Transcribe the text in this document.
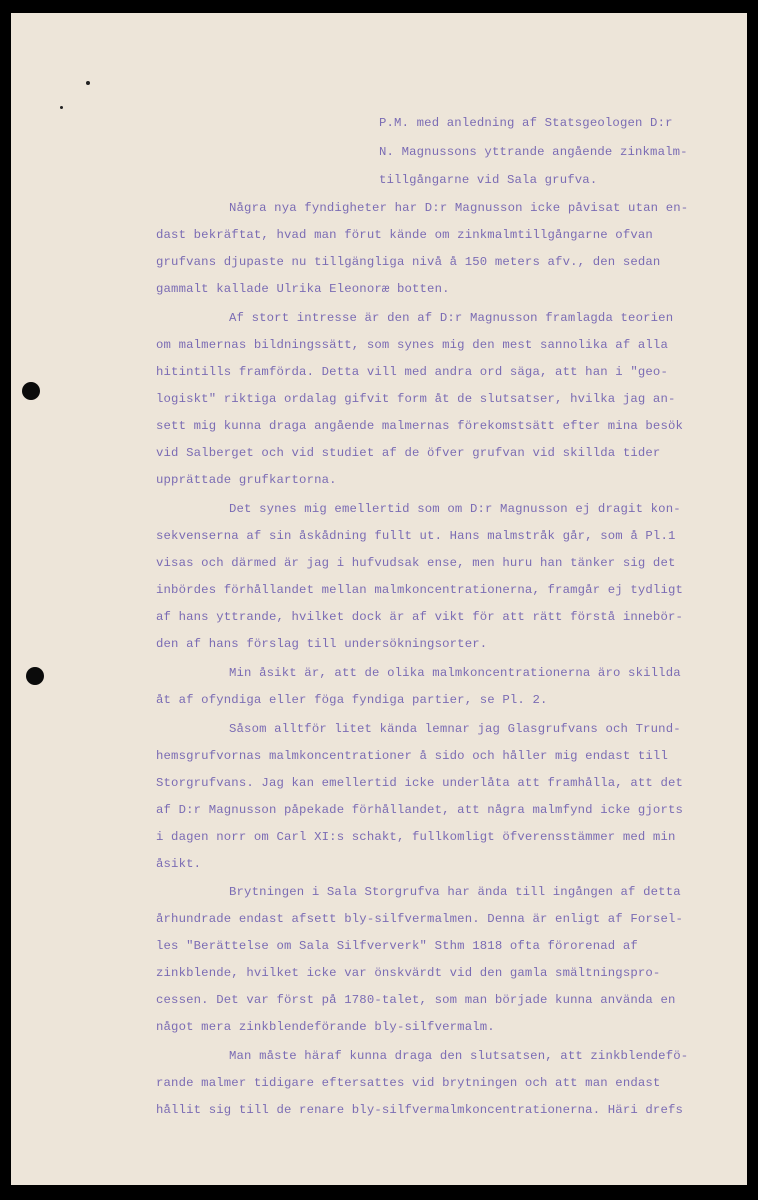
P.M. med anledning af Statsgeologen D:r
N. Magnussons yttrande angående zinkmalm-
tillgångarne vid Sala grufva.
Några nya fyndigheter har D:r Magnusson icke påvisat utan en-
dast bekräftat, hvad man förut kände om zinkmalmtillgångarne ofvan
grufvans djupaste nu tillgängliga nivå å 150 meters afv., den sedan
gammalt kallade Ulrika Eleonoræ botten.
Af stort intresse är den af D:r Magnusson framlagda teorien
om malmernas bildningssätt, som synes mig den mest sannolika af alla
hitintills framförda. Detta vill med andra ord säga, att han i "geo-
logiskt" riktiga ordalag gifvit form åt de slutsatser, hvilka jag an-
sett mig kunna draga angående malmernas förekomstsätt efter mina besök
vid Salberget och vid studiet af de öfver grufvan vid skillda tider
upprättade grufkartorna.
Det synes mig emellertid som om D:r Magnusson ej dragit kon-
sekvenserna af sin åskådning fullt ut. Hans malmstråk går, som å Pl.1
visas och därmed är jag i hufvudsak ense, men huru han tänker sig det
inbördes förhållandet mellan malmkoncentrationerna, framgår ej tydligt
af hans yttrande, hvilket dock är af vikt för att rätt förstå innebör-
den af hans förslag till undersökningsorter.
Min åsikt är, att de olika malmkoncentrationerna äro skillda
åt af ofyndiga eller föga fyndiga partier, se Pl. 2.
Såsom alltför litet kända lemnar jag Glasgrufvans och Trund-
hemsgrufvornas malmkoncentrationer å sido och håller mig endast till
Storgrufvans. Jag kan emellertid icke underlåta att framhålla, att det
af D:r Magnusson påpekade förhållandet, att några malmfynd icke gjorts
i dagen norr om Carl XI:s schakt, fullkomligt öfverensstämmer med min
åsikt.
Brytningen i Sala Storgrufva har ända till ingången af detta
århundrade endast afsett bly-silfvermalmen. Denna är enligt af Forsel-
les "Berättelse om Sala Silfververk" Sthm 1818 ofta förorenad af
zinkblende, hvilket icke var önskvärdt vid den gamla smältningspro-
cessen. Det var först på 1780-talet, som man började kunna använda en
något mera zinkblendeförande bly-silfvermalm.
Man måste häraf kunna draga den slutsatsen, att zinkblendefö-
rande malmer tidigare eftersattes vid brytningen och att man endast
hållit sig till de renare bly-silfvermalmkoncentrationerna. Häri drefs
